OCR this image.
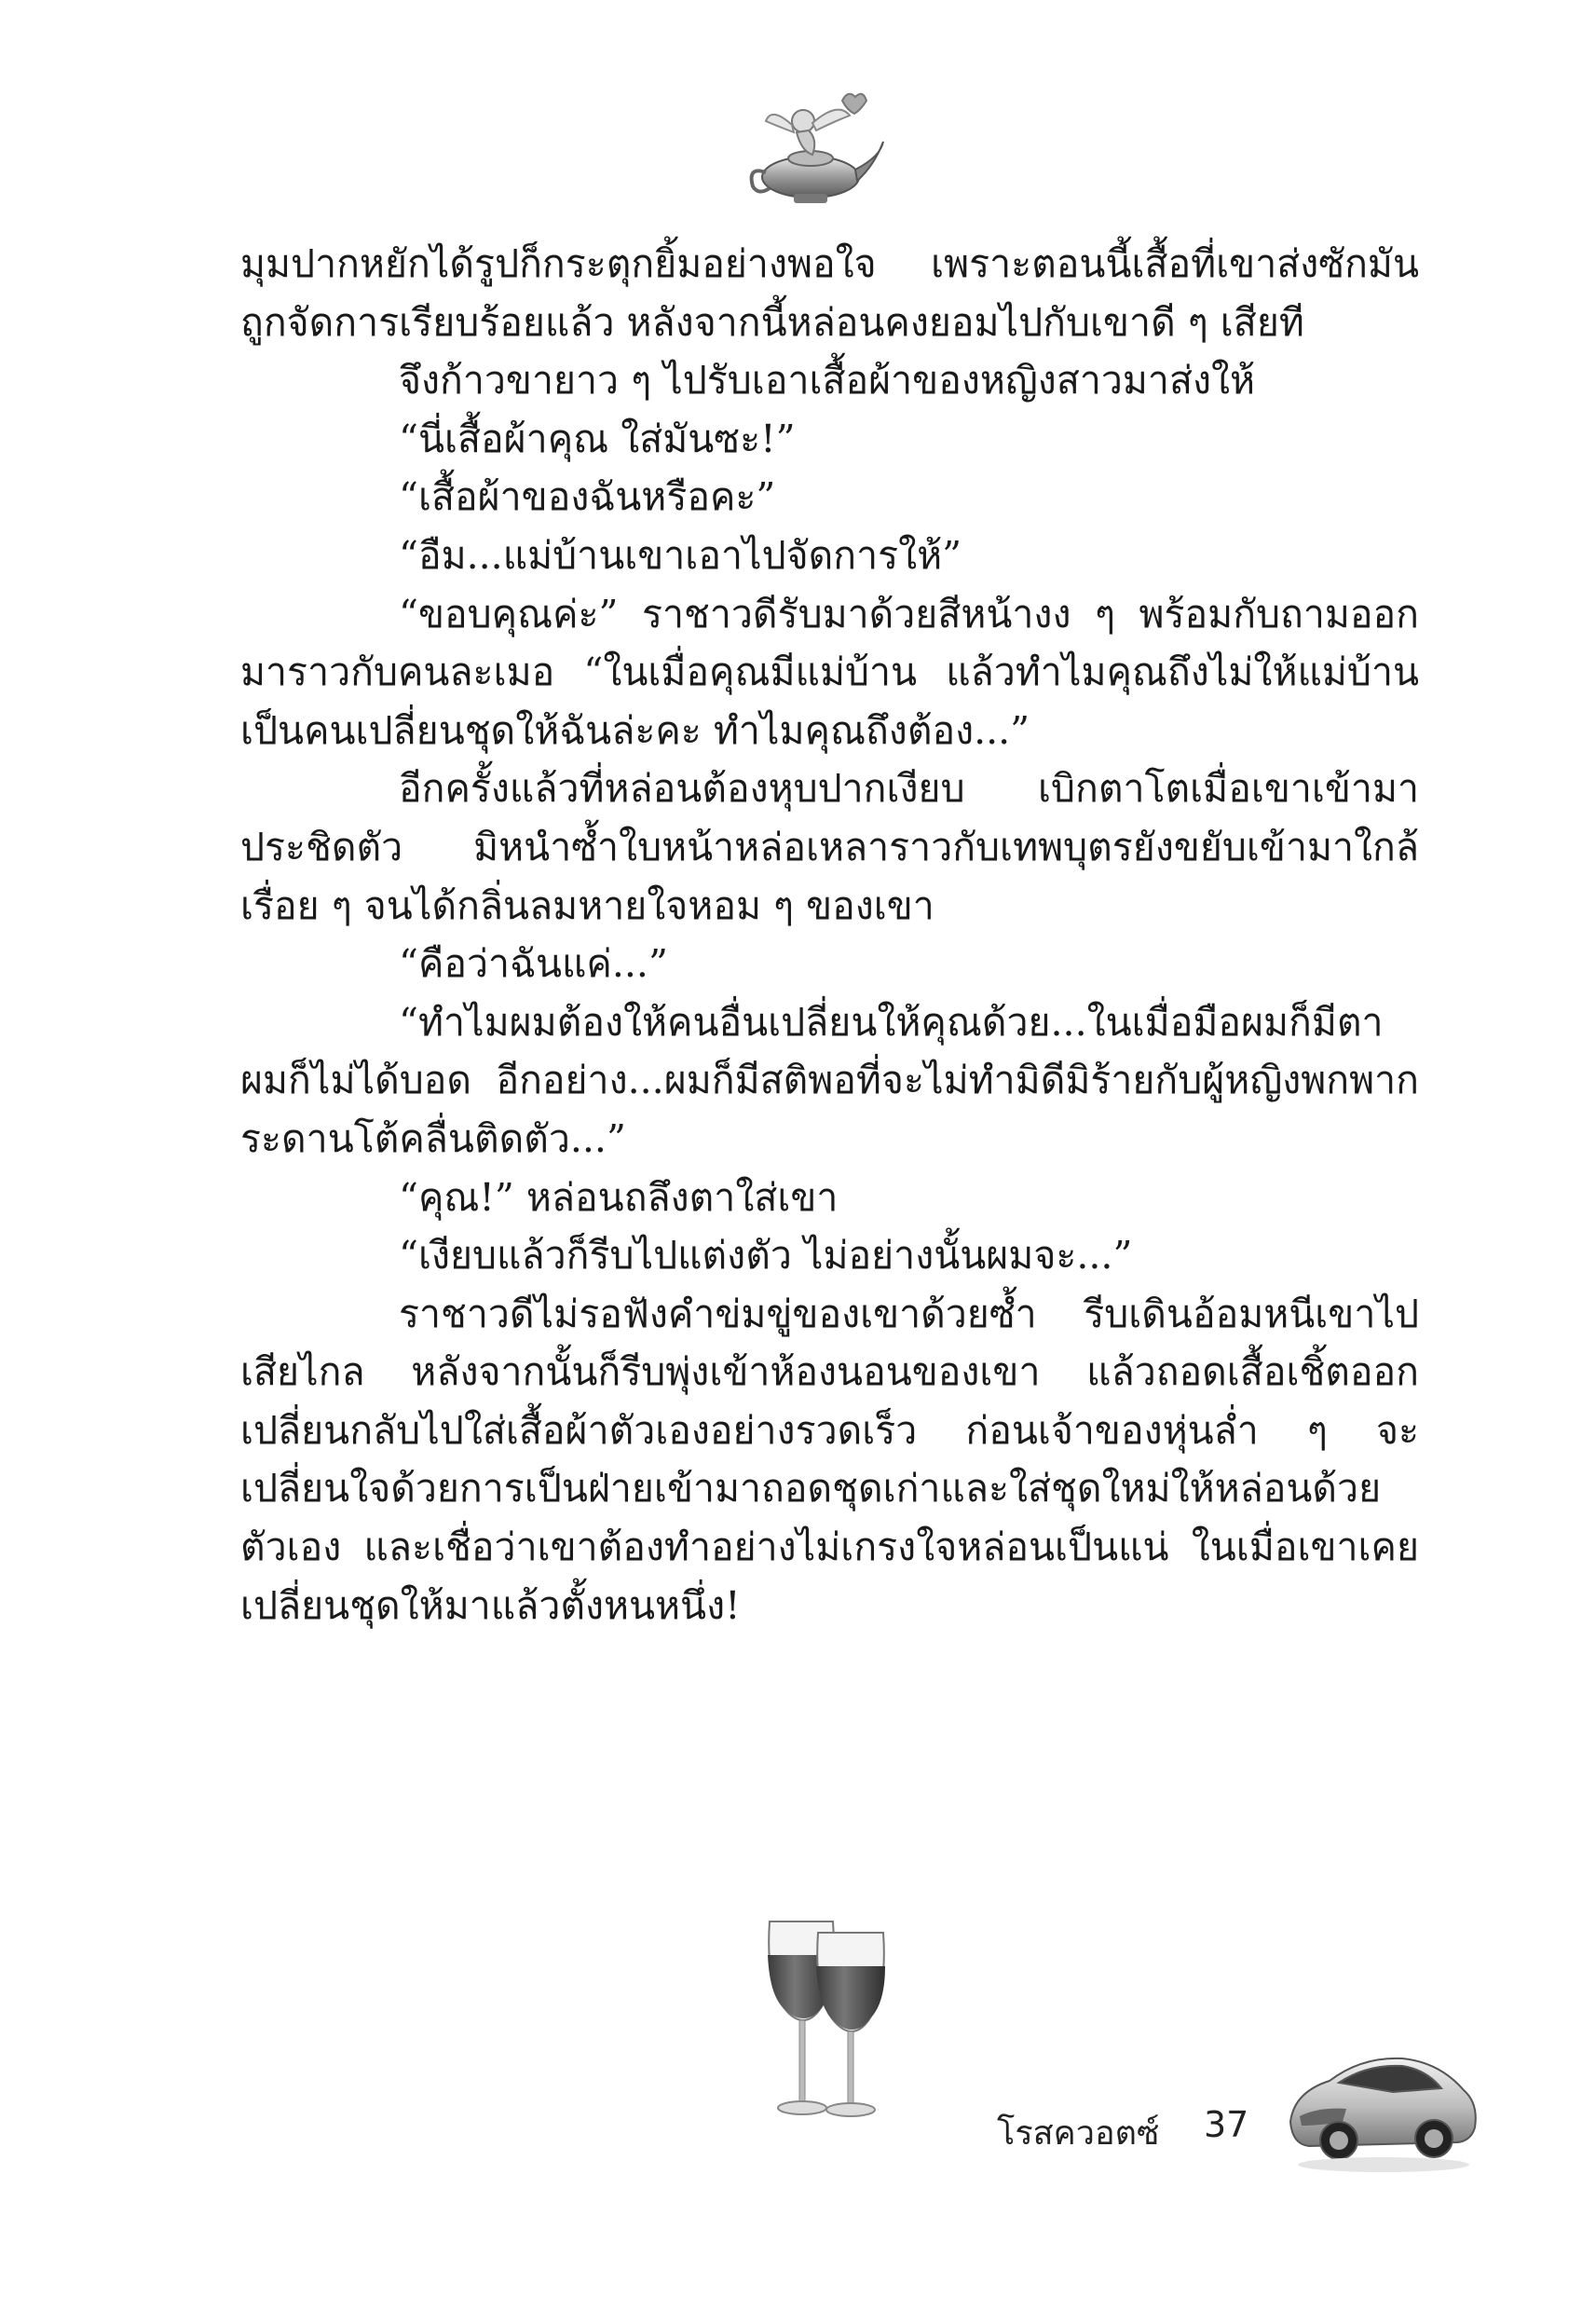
มุมปากหยักได้รูปก็กระตุกยิ้มอย่างพอใจ เพราะตอนนี้เสื้อที่เขาส่งซักมันถูกจัดการเรียบร้อยแล้ว หลังจากนี้หล่อนคงยอมไปกับเขาดี ๆ เสียที

จึงก้าวขายาว ๆ ไปรับเอาเสื้อผ้าของหญิงสาวมาส่งให้

“นี่เสื้อผ้าคุณ ใส่มันซะ!”

“เสื้อผ้าของฉันหรือคะ”

“อืม...แม่บ้านเขาเอาไปจัดการให้”

“ขอบคุณค่ะ” ราชาวดีรับมาด้วยสีหน้างง ๆ พร้อมกับถามออกมาราวกับคนละเมอ “ในเมื่อคุณมีแม่บ้าน แล้วทำไมคุณถึงไม่ให้แม่บ้านเป็นคนเปลี่ยนชุดให้ฉันล่ะคะ ทำไมคุณถึงต้อง...”

อีกครั้งแล้วที่หล่อนต้องหุบปากเงียบ เบิกตาโตเมื่อเขาเข้ามาประชิดตัว มิหนำซ้ำใบหน้าหล่อเหลาราวกับเทพบุตรยังขยับเข้ามาใกล้เรื่อย ๆ จนได้กลิ่นลมหายใจหอม ๆ ของเขา

“คือว่าฉันแค่...”

“ทำไมผมต้องให้คนอื่นเปลี่ยนให้คุณด้วย...ในเมื่อมือผมก็มีตาผมก็ไม่ได้บอด อีกอย่าง...ผมก็มีสติพอที่จะไม่ทำมิดีมิร้ายกับผู้หญิงพกพากระดานโต้คลื่นติดตัว...”

“คุณ!” หล่อนถลึงตาใส่เขา

“เงียบแล้วก็รีบไปแต่งตัว ไม่อย่างนั้นผมจะ...”

ราชาวดีไม่รอฟังคำข่มขู่ของเขาด้วยซ้ำ รีบเดินอ้อมหนีเขาไปเสียไกล หลังจากนั้นก็รีบพุ่งเข้าห้องนอนของเขา แล้วถอดเสื้อเชิ้ตออกเปลี่ยนกลับไปใส่เสื้อผ้าตัวเองอย่างรวดเร็ว ก่อนเจ้าของหุ่นล่ำ ๆ จะเปลี่ยนใจด้วยการเป็นฝ่ายเข้ามาถอดชุดเก่าและใส่ชุดใหม่ให้หล่อนด้วยตัวเอง และเชื่อว่าเขาต้องทำอย่างไม่เกรงใจหล่อนเป็นแน่ ในเมื่อเขาเคยเปลี่ยนชุดให้มาแล้วตั้งหนหนึ่ง!

โรสควอตซ์ 37
